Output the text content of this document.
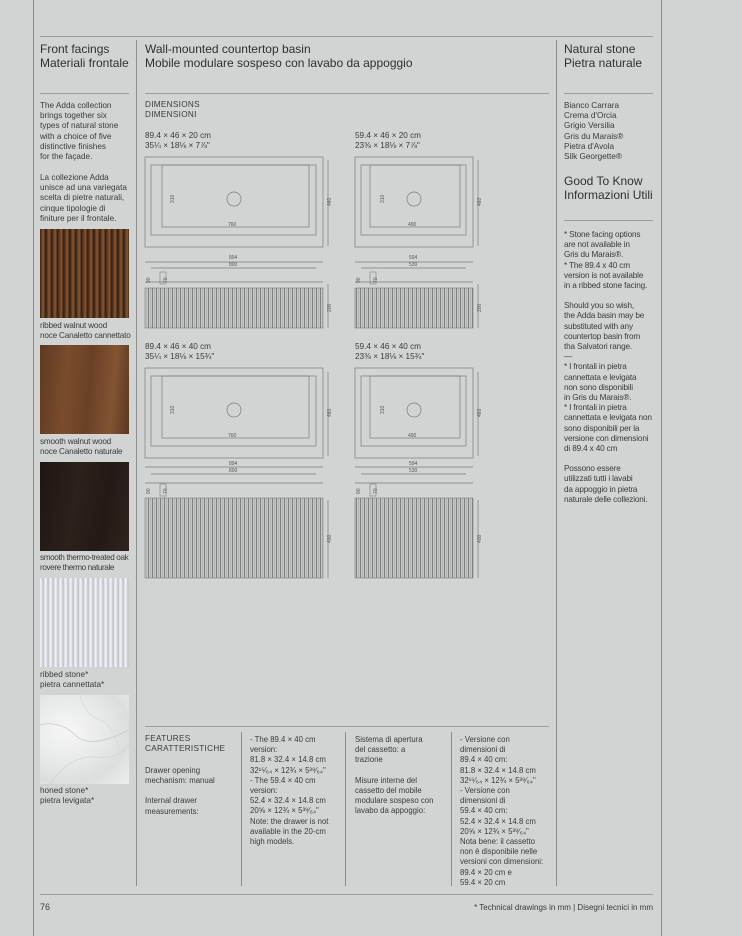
Front facings
Materiali frontale
The Adda collection
brings together six
types of natural stone
with a choice of five
distinctive finishes
for the façade.
La collezione Adda
unisce ad una variegata
scelta di pietre naturali,
cinque tipologie di
finiture per il frontale.
ribbed walnut wood
noce Canaletto cannettato
smooth walnut wood
noce Canaletto naturale
smooth thermo-treated oak
rovere thermo naturale
ribbed stone*
pietra cannettata*
honed stone*
pietra levigata*
Wall-mounted countertop basin
Mobile modulare sospeso con lavabo da appoggio
DIMENSIONS
DIMENSIONI
89.4 × 46 × 20 cm
35¼ × 18⅛ × 7⅞"
59.4 × 46 × 20 cm
23⅜ × 18⅛ × 7⅞"
89.4 × 46 × 40 cm
35¼ × 18⅛ × 15¾"
59.4 × 46 × 40 cm
23⅜ × 18⅛ × 15¾"
760
310	460
894
800
90 70
200
490
310	460
594
530
90 70
200
760
310	460
894
800
90 70
400
490
310	460
594
530
90 70
400
FEATURES
CARATTERISTICHE
Drawer opening
mechanism: manual
Internal drawer
measurements:
- The 89.4 × 40 cm
version:
81.8 × 32.4 × 14.8 cm
32¹⁵⁄₆₄ × 12¾ × 5³⁹⁄₆₄"
- The 59.4 × 40 cm
version:
52.4 × 32.4 × 14.8 cm
20⅝ × 12¾ × 5³⁹⁄₆₄"
Note: the drawer is not
available in the 20-cm
high models.
Sistema di apertura
del cassetto: a
trazione
Misure interne del
cassetto del mobile
modulare sospeso con
lavabo da appoggio:
- Versione con
dimensioni di
89.4 × 40 cm:
81.8 × 32.4 × 14.8 cm
32¹⁵⁄₆₄ × 12¾ × 5³⁹⁄₆₄"
- Versione con
dimensioni di
59.4 × 40 cm:
52.4 × 32.4 × 14.8 cm
20⅝ × 12¾ × 5³⁹⁄₆₄"
Nota bene: il cassetto
non è disponibile nelle
versioni con dimensioni:
89.4 × 20 cm e
59.4 × 20 cm
Natural stone
Pietra naturale
Bianco Carrara
Crema d'Orcia
Grigio Versilia
Gris du Marais®
Pietra d'Avola
Silk Georgette®
Good To Know
Informazioni Utili
* Stone facing options
are not available in
Gris du Marais®.
* The 89.4 x 40 cm
version is not available
in a ribbed stone facing.
Should you so wish,
the Adda basin may be
substituted with any
countertop basin from
tha Salvatori range.
—
* I frontali in pietra
cannettata e levigata
non sono disponibili
in Gris du Marais®.
* I frontali in pietra
cannettata e levigata non
sono disponibili per la
versione con dimensioni
di 89.4 x 40 cm
Possono essere
utilizzati tutti i lavabi
da appoggio in pietra
naturale delle collezioni.
76	* Technical drawings in mm | Disegni tecnici in mm
